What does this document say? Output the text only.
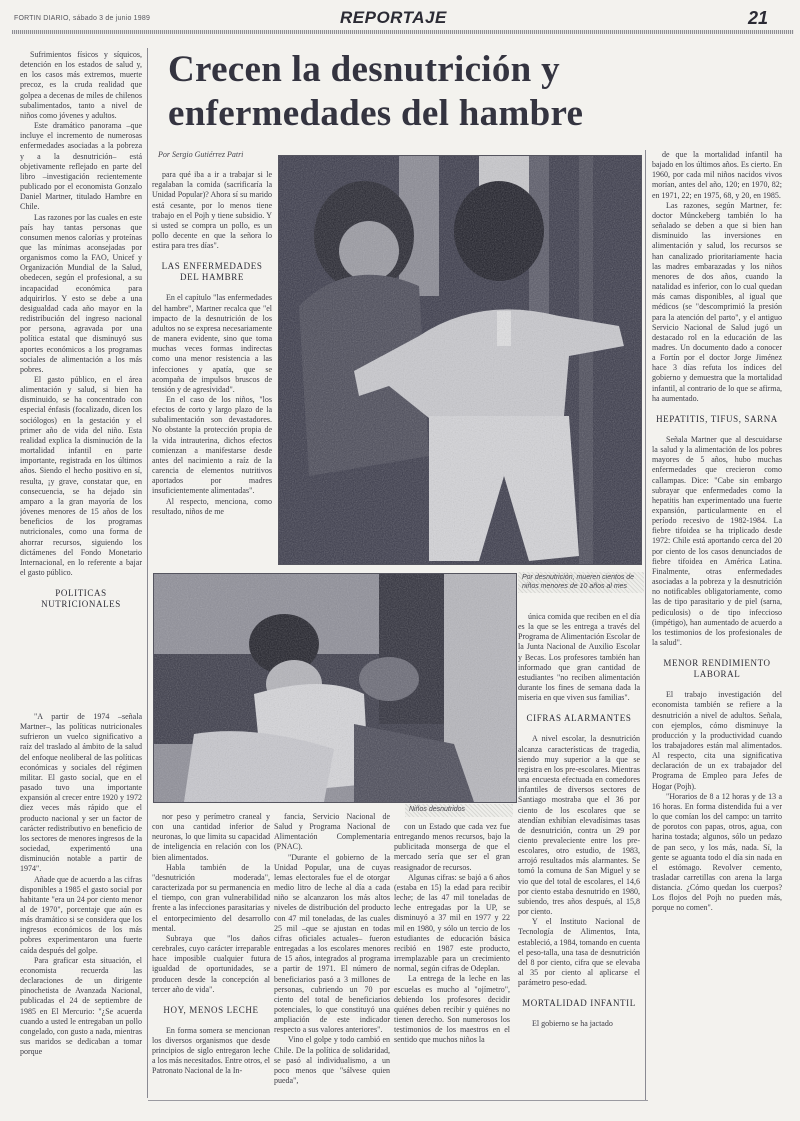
FORTIN DIARIO, sábado 3 de junio 1989	REPORTAJE	21
Crecen la desnutrición y enfermedades del hambre

Sufrimientos físicos y síquicos, detención en los estados de salud y, en los casos más extremos, muerte precoz, es la cruda realidad que golpea a decenas de miles de chilenos subalimentados, tanto a nivel de niños como jóvenes y adultos.

Este dramático panorama –que incluye el incremento de numerosas enfermedades asociadas a la pobreza y a la desnutrición– está objetivamente reflejado en parte del libro –investigación recientemente publicado por el economista Gonzalo Daniel Martner, titulado Hambre en Chile.

Las razones por las cuales en este país hay tantas personas que consumen menos calorías y proteínas que las mínimas aconsejadas por organismos como la FAO, Unicef y Organización Mundial de la Salud, obedecen, según el profesional, a su incapacidad económica para adquirirlos. Y esto se debe a una desigualdad cada año mayor en la redistribución del ingreso nacional por persona, agravada por una política estatal que disminuyó sus aportes económicos a los programas sociales de alimentación a los más pobres.

El gasto público, en el área alimentación y salud, si bien ha disminuido, se ha concentrado con especial énfasis (focalizado, dicen los sociólogos) en la gestación y el primer año de vida del niño. Esta realidad explica la disminución de la mortalidad infantil en parte importante, registrada en los últimos años. Siendo el hecho positivo en sí, resulta, ¡y grave, constatar que, en consecuencia, se ha dejado sin amparo a la gran mayoría de los jóvenes menores de 15 años de los beneficios de los programas nutricionales, como una forma de ahorrar recursos, siguiendo los dictámenes del Fondo Monetario Internacional, en lo referente a bajar el gasto público.

POLITICAS NUTRICIONALES

"A partir de 1974 –señala Martner–, las políticas nutricionales sufrieron un vuelco significativo a raíz del traslado al ámbito de la salud del enfoque neoliberal de las políticas económicas y sociales del régimen militar. El gasto social, que en el pasado tuvo una importante expansión al crecer entre 1920 y 1972 diez veces más rápido que el producto nacional y ser un factor de carácter redistributivo en beneficio de los sectores de menores ingresos de la sociedad, experimentó una disminución notable a partir de 1974".

Añade que de acuerdo a las cifras disponibles a 1985 el gasto social por habitante "era un 24 por ciento menor al de 1970", porcentaje que aún es más dramático si se considera que los ingresos económicos de los más pobres experimentaron una fuerte caída después del golpe.

Para graficar esta situación, el economista recuerda las declaraciones de un dirigente pinochetista de Avanzada Nacional, publicadas el 24 de septiembre de 1985 en El Mercurio: "¿Se acuerda cuando a usted le entregaban un pollo congelado, con gusto a nada, mientras sus maridos se dedicaban a tomar porque

Por Sergio Gutiérrez Patri

para qué iba a ir a trabajar si le regalaban la comida (sacrificaría la Unidad Popular)? Ahora sí su marido está cesante, por lo menos tiene trabajo en el Pojh y tiene subsidio. Y si usted se compra un pollo, es un pollo decente en que la señora lo estira para tres días".

LAS ENFERMEDADES DEL HAMBRE

En el capítulo "las enfermedades del hambre", Martner recalca que "el impacto de la desnutrición de los adultos no se expresa necesariamente de manera evidente, sino que toma muchas veces formas indirectas como una menor resistencia a las infecciones y apatía, que se acompaña de impulsos bruscos de tensión y de agresividad".

En el caso de los niños, "los efectos de corto y largo plazo de la subalimentación son devastadores. No obstante la protección propia de la vida intrauterina, dichos efectos comienzan a manifestarse desde antes del nacimiento a raíz de la carencia de elementos nutritivos aportados por madres insuficientemente alimentadas".

Al respecto, menciona, como resultado, niños de me

Por desnutrición, mueren cientos de niños menores de 10 años al mes
Niños desnutridos

nor peso y perímetro craneal y con una cantidad inferior de neuronas, lo que limita su capacidad de inteligencia en relación con los bien alimentados.

Habla también de la "desnutrición moderada", caracterizada por su permanencia en el tiempo, con gran vulnerabilidad frente a las infecciones parasitarias y el entorpecimiento del desarrollo mental.

Subraya que "los daños cerebrales, cuyo carácter irreparable hace imposible cualquier futura igualdad de oportunidades, se producen desde la concepción al tercer año de vida".

HOY, MENOS LECHE

En forma somera se mencionan los diversos organismos que desde principios de siglo entregaron leche a los más necesitados. Entre otros, el Patronato Nacional de la In-

fancia, Servicio Nacional de Salud y Programa Nacional de Alimentación Complementaria (PNAC).

"Durante el gobierno de la Unidad Popular, una de cuyas lemas electorales fue el de otorgar medio litro de leche al día a cada niño se alcanzaron los más altos niveles de distribución del producto con 47 mil toneladas, de las cuales 25 mil –que se ajustan en todas cifras oficiales actuales– fueron entregadas a los escolares menores de 15 años, integrados al programa a partir de 1971. El número de beneficiarios pasó a 3 millones de personas, cubriendo un 70 por ciento del total de beneficiarios potenciales, lo que constituyó una ampliación de este indicador respecto a sus valores anteriores".

Vino el golpe y todo cambió en Chile. De la política de solidaridad, se pasó al individualismo, a un poco menos que "sálvese quien pueda",

con un Estado que cada vez fue entregando menos recursos, bajo la publicitada monserga de que el mercado sería que ser el gran reasignador de recursos.

Algunas cifras: se bajó a 6 años (estaba en 15) la edad para recibir leche; de las 47 mil toneladas de leche entregadas por la UP, se disminuyó a 37 mil en 1977 y 22 mil en 1980, y sólo un tercio de los estudiantes de educación básica recibió en 1987 este producto, irremplazable para un crecimiento normal, según cifras de Odeplan.

La entrega de la leche en las escuelas es mucho al "ojímetro", debiendo los profesores decidir quiénes deben recibir y quiénes no tienen derecho. Son numerosos los testimonios de los maestros en el sentido que muchos niños la

única comida que reciben en el día es la que se les entrega a través del Programa de Alimentación Escolar de la Junta Nacional de Auxilio Escolar y Becas. Los profesores también han informado que gran cantidad de estudiantes "no reciben alimentación durante los fines de semana dada la miseria en que viven sus familias".

CIFRAS ALARMANTES

A nivel escolar, la desnutrición alcanza características de tragedia, siendo muy superior a la que se registra en los pre-escolares. Mientras una encuesta efectuada en comedores infantiles de diversos sectores de Santiago mostraba que el 36 por ciento de los escolares que se atendían exhibían elevadísimas tasas de desnutrición, contra un 29 por ciento prevaleciente entre los pre-escolares, otro estudio, de 1983, arrojó resultados más alarmantes. Se tomó la comuna de San Miguel y se vio que del total de escolares, el 14,6 por ciento estaba desnutrido en 1980, subiendo, tres años después, al 15,8 por ciento.

Y el Instituto Nacional de Tecnología de Alimentos, Inta, estableció, a 1984, tomando en cuenta el peso-talla, una tasa de desnutrición del 8 por ciento, cifra que se elevaba al 35 por ciento al aplicarse el parámetro peso-edad.

MORTALIDAD INFANTIL

El gobierno se ha jactado

de que la mortalidad infantil ha bajado en los últimos años. Es cierto. En 1960, por cada mil niños nacidos vivos morían, antes del año, 120; en 1970, 82; en 1971, 22; en 1975, 68, y 20, en 1985.

Las razones, según Martner, fe: doctor Münckeberg también lo ha señalado se deben a que si bien han disminuido las inversiones en alimentación y salud, los recursos se han canalizado prioritariamente hacia las madres embarazadas y los niños menores de dos años, cuando la natalidad es inferior, con lo cual quedan más camas disponibles, al igual que médicos (se "descomprimió la presión para la atención del parto", y el antiguo Servicio Nacional de Salud jugó un destacado rol en la educación de las madres. Un documento dado a conocer a Fortín por el doctor Jorge Jiménez hace 3 días refuta los índices del gobierno y demuestra que la mortalidad infantil, al contrario de lo que se afirma, ha aumentado.

HEPATITIS, TIFUS, SARNA

Señala Martner que al descuidarse la salud y la alimentación de los pobres mayores de 5 años, hubo muchas enfermedades que crecieron como callampas. Dice: "Cabe sin embargo subrayar que enfermedades como la hepatitis han experimentado una fuerte expansión, particularmente en el período recesivo de 1982-1984. La fiebre tifoidea se ha triplicado desde 1972: Chile está aportando cerca del 20 por ciento de los casos denunciados de fiebre tifoidea en América Latina. Finalmente, otras enfermedades asociadas a la pobreza y la desnutrición no notificables obligatoriamente, como las de tipo parasitario y de piel (sarna, pediculosis) o de tipo infeccioso (impétigo), han aumentado de acuerdo a los testimonios de los profesionales de la salud".

MENOR RENDIMIENTO LABORAL

El trabajo investigación del economista también se refiere a la desnutrición a nivel de adultos. Señala, con ejemplos, cómo disminuye la producción y la productividad cuando los trabajadores están mal alimentados. Al respecto, cita una significativa declaración de un ex trabajador del Programa de Empleo para Jefes de Hogar (Pojh).

"Horarios de 8 a 12 horas y de 13 a 16 horas. En forma distendida fui a ver lo que comían los del campo: un tarrito de porotos con papas, otros, agua, con harina tostada; algunos, sólo un pedazo de pan seco, y los más, nada. Sí, la gente se aguanta todo el día sin nada en el estómago. Revolver cemento, trasladar carretillas con arena la larga distancia. ¿Cómo quedan los cuerpos? Los flojos del Pojh no pueden más, porque no comen".
